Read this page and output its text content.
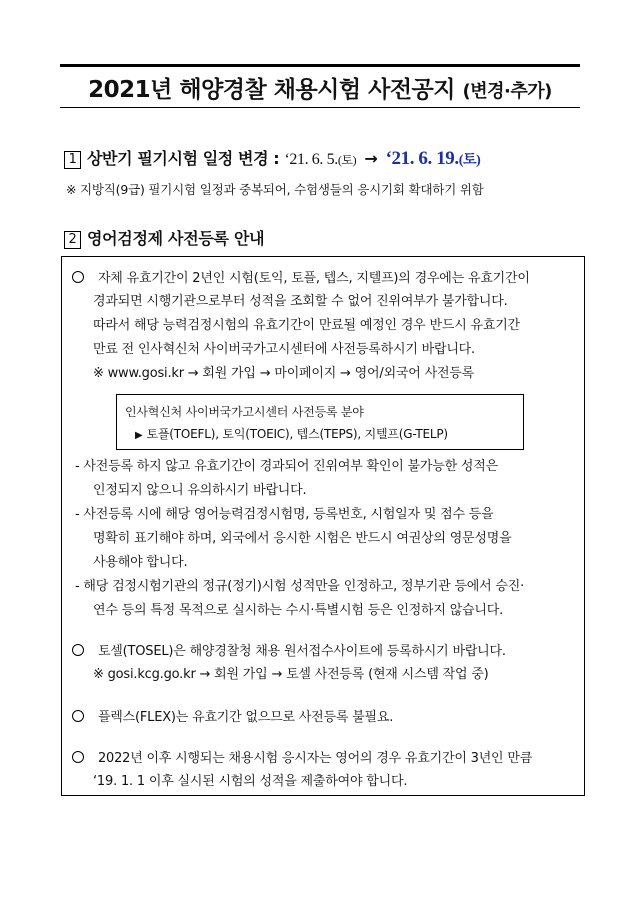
2021년 해양경찰 채용시험 사전공지 (변경·추가)
1 상반기 필기시험 일정 변경 : ‘21. 6. 5.(토) → ‘21. 6. 19.(토)
※ 지방직(9급) 필기시험 일정과 중복되어, 수험생들의 응시기회 확대하기 위함
2 영어검정제 사전등록 안내
자체 유효기간이 2년인 시험(토익, 토플, 텝스, 지텔프)의 경우에는 유효기간이
경과되면 시행기관으로부터 성적을 조회할 수 없어 진위여부가 불가합니다.
따라서 해당 능력검정시험의 유효기간이 만료될 예정인 경우 반드시 유효기간
만료 전 인사혁신처 사이버국가고시센터에 사전등록하시기 바랍니다.
※ www.gosi.kr → 회원 가입 → 마이페이지 → 영어/외국어 사전등록
인사혁신처 사이버국가고시센터 사전등록 분야
▶ 토플(TOEFL), 토익(TOEIC), 텝스(TEPS), 지텔프(G-TELP)
- 사전등록 하지 않고 유효기간이 경과되어 진위여부 확인이 불가능한 성적은
인정되지 않으니 유의하시기 바랍니다.
- 사전등록 시에 해당 영어능력검정시험명, 등록번호, 시험일자 및 점수 등을
명확히 표기해야 하며, 외국에서 응시한 시험은 반드시 여권상의 영문성명을
사용해야 합니다.
- 해당 검정시험기관의 정규(정기)시험 성적만을 인정하고, 정부기관 등에서 승진·
연수 등의 특정 목적으로 실시하는 수시·특별시험 등은 인정하지 않습니다.
토셀(TOSEL)은 해양경찰청 채용 원서접수사이트에 등록하시기 바랍니다.
※ gosi.kcg.go.kr → 회원 가입 → 토셀 사전등록 (현재 시스템 작업 중)
플렉스(FLEX)는 유효기간 없으므로 사전등록 불필요.
2022년 이후 시행되는 채용시험 응시자는 영어의 경우 유효기간이 3년인 만큼
‘19. 1. 1 이후 실시된 시험의 성적을 제출하여야 합니다.
